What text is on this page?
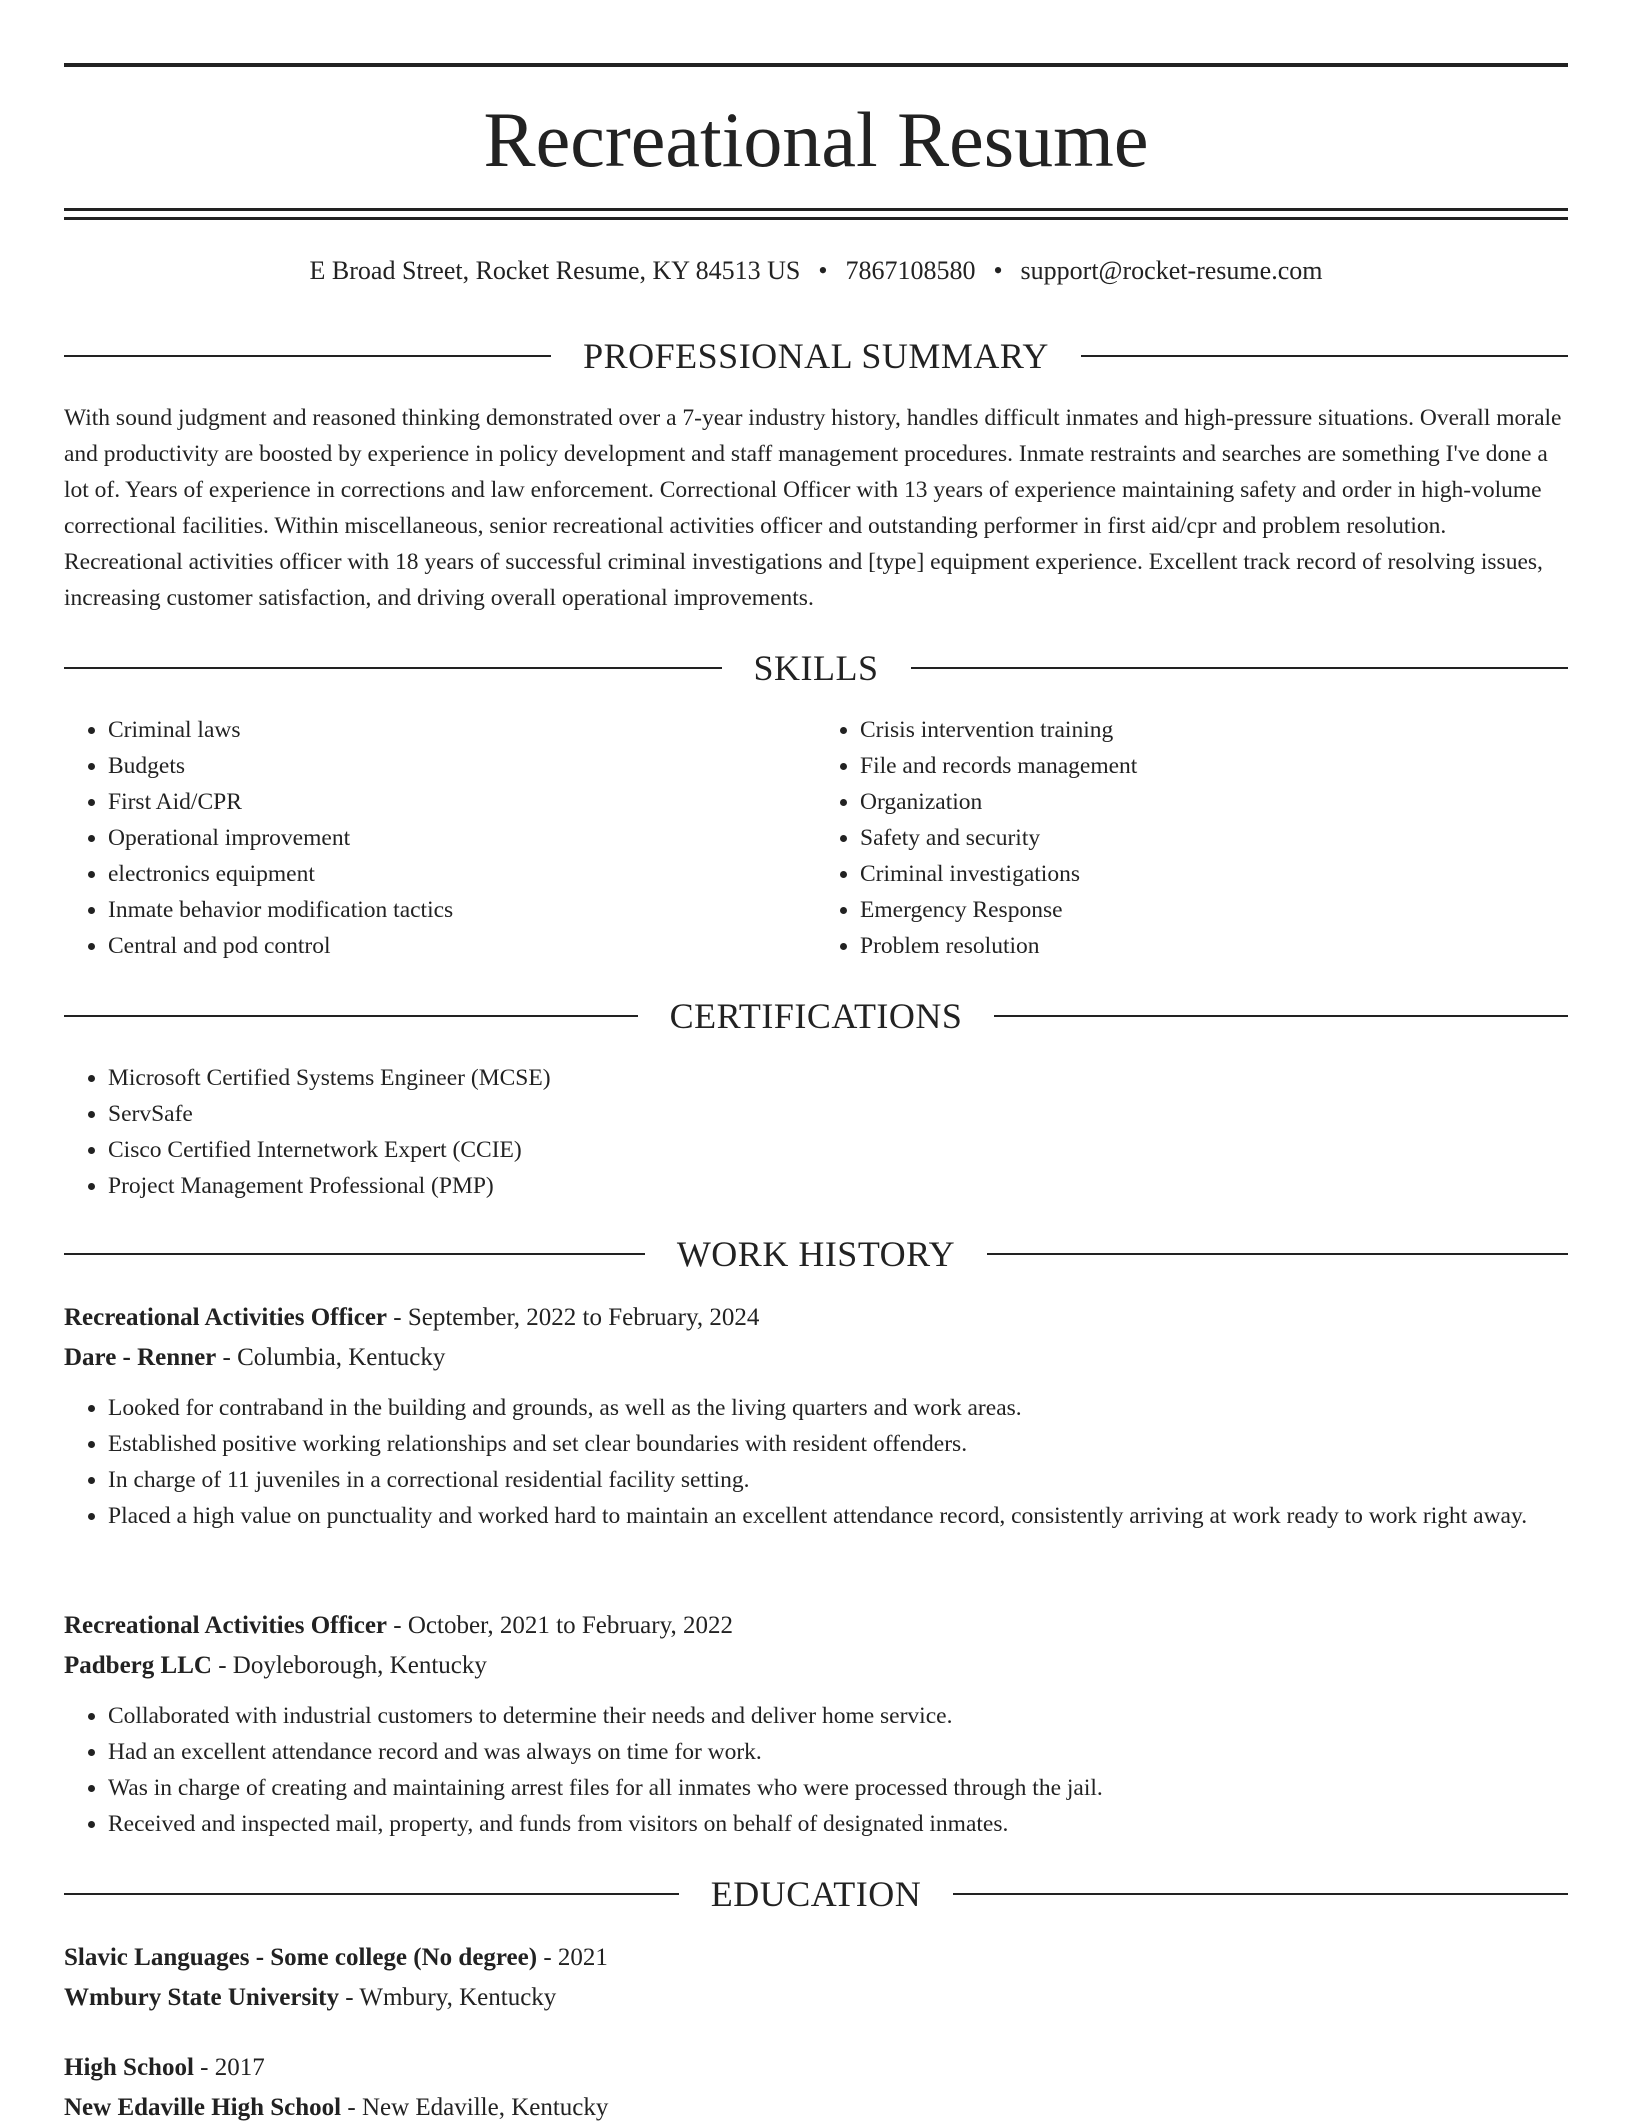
Recreational Resume
E Broad Street, Rocket Resume, KY 84513 US • 7867108580 • support@rocket-resume.com
PROFESSIONAL SUMMARY

With sound judgment and reasoned thinking demonstrated over a 7-year industry history, handles difficult inmates and high-pressure situations. Overall morale and productivity are boosted by experience in policy development and staff management procedures. Inmate restraints and searches are something I've done a lot of. Years of experience in corrections and law enforcement. Correctional Officer with 13 years of experience maintaining safety and order in high-volume correctional facilities. Within miscellaneous, senior recreational activities officer and outstanding performer in first aid/cpr and problem resolution. Recreational activities officer with 18 years of successful criminal investigations and [type] equipment experience. Excellent track record of resolving issues, increasing customer satisfaction, and driving overall operational improvements.

SKILLS
• Criminal laws
• Budgets
• First Aid/CPR
• Operational improvement
• electronics equipment
• Inmate behavior modification tactics
• Central and pod control
• Crisis intervention training
• File and records management
• Organization
• Safety and security
• Criminal investigations
• Emergency Response
• Problem resolution
CERTIFICATIONS
• Microsoft Certified Systems Engineer (MCSE)
• ServSafe
• Cisco Certified Internetwork Expert (CCIE)
• Project Management Professional (PMP)
WORK HISTORY
Recreational Activities Officer - September, 2022 to February, 2024
Dare - Renner - Columbia, Kentucky
• Looked for contraband in the building and grounds, as well as the living quarters and work areas.
• Established positive working relationships and set clear boundaries with resident offenders.
• In charge of 11 juveniles in a correctional residential facility setting.
• Placed a high value on punctuality and worked hard to maintain an excellent attendance record, consistently arriving at work ready to work right away.
Recreational Activities Officer - October, 2021 to February, 2022
Padberg LLC - Doyleborough, Kentucky
• Collaborated with industrial customers to determine their needs and deliver home service.
• Had an excellent attendance record and was always on time for work.
• Was in charge of creating and maintaining arrest files for all inmates who were processed through the jail.
• Received and inspected mail, property, and funds from visitors on behalf of designated inmates.
EDUCATION
Slavic Languages - Some college (No degree) - 2021
Wmbury State University - Wmbury, Kentucky
High School - 2017
New Edaville High School - New Edaville, Kentucky
